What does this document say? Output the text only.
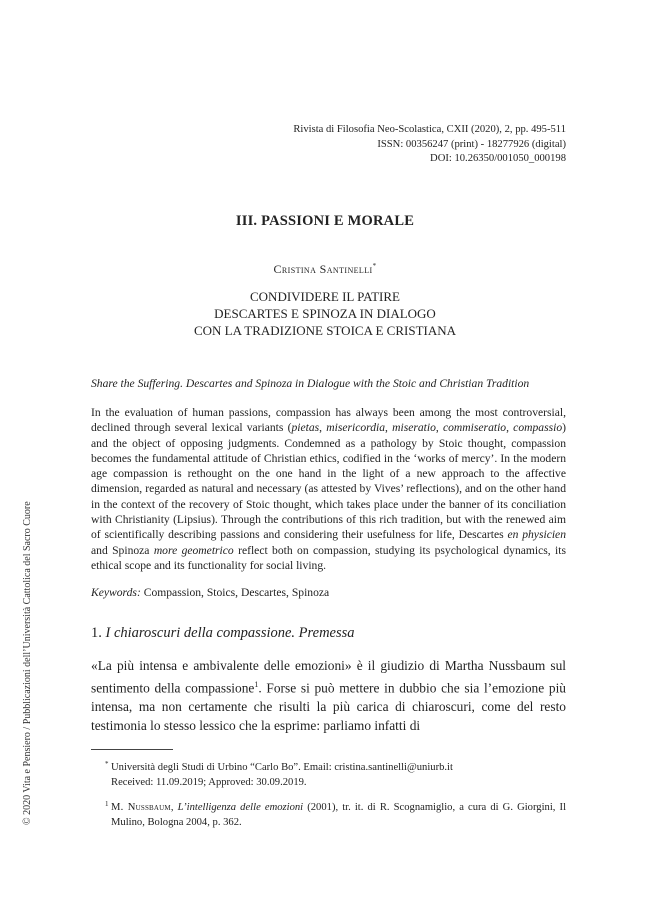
© 2020 Vita e Pensiero / Pubblicazioni dell’Università Cattolica del Sacro Cuore
Rivista di Filosofia Neo-Scolastica, CXII (2020), 2, pp. 495-511
ISSN: 00356247 (print) - 18277926 (digital)
DOI: 10.26350/001050_000198
III. PASSIONI E MORALE
Cristina Santinelli*
CONDIVIDERE IL PATIRE
DESCARTES E SPINOZA IN DIALOGO
CON LA TRADIZIONE STOICA E CRISTIANA
Share the Suffering. Descartes and Spinoza in Dialogue with the Stoic and Christian Tradition

In the evaluation of human passions, compassion has always been among the most controversial, declined through several lexical variants (pietas, misericordia, miseratio, commiseratio, compassio) and the object of opposing judgments. Condemned as a pathology by Stoic thought, compassion becomes the fundamental attitude of Christian ethics, codified in the ‘works of mercy’. In the modern age compassion is rethought on the one hand in the light of a new approach to the affective dimension, regarded as natural and necessary (as attested by Vives’ reflections), and on the other hand in the context of the recovery of Stoic thought, which takes place under the banner of its conciliation with Christianity (Lipsius). Through the contributions of this rich tradition, but with the renewed aim of scientifically describing passions and considering their usefulness for life, Descartes en physicien and Spinoza more geometrico reflect both on compassion, studying its psychological dynamics, its ethical scope and its functionality for social living.

Keywords: Compassion, Stoics, Descartes, Spinoza
1. I chiaroscuri della compassione. Premessa
«La più intensa e ambivalente delle emozioni» è il giudizio di Martha Nussbaum sul sentimento della compassione$^1$. Forse si può mettere in dubbio che sia l’emozione più intensa, ma non certamente che risulti la più carica di chiaroscuri, come del resto testimonia lo stesso lessico che la esprime: parliamo infatti di
* Università degli Studi di Urbino “Carlo Bo”. Email: cristina.santinelli@uniurb.it
Received: 11.09.2019; Approved: 30.09.2019.
1 M. Nussbaum, L’intelligenza delle emozioni (2001), tr. it. di R. Scognamiglio, a cura di G. Giorgini, Il Mulino, Bologna 2004, p. 362.
